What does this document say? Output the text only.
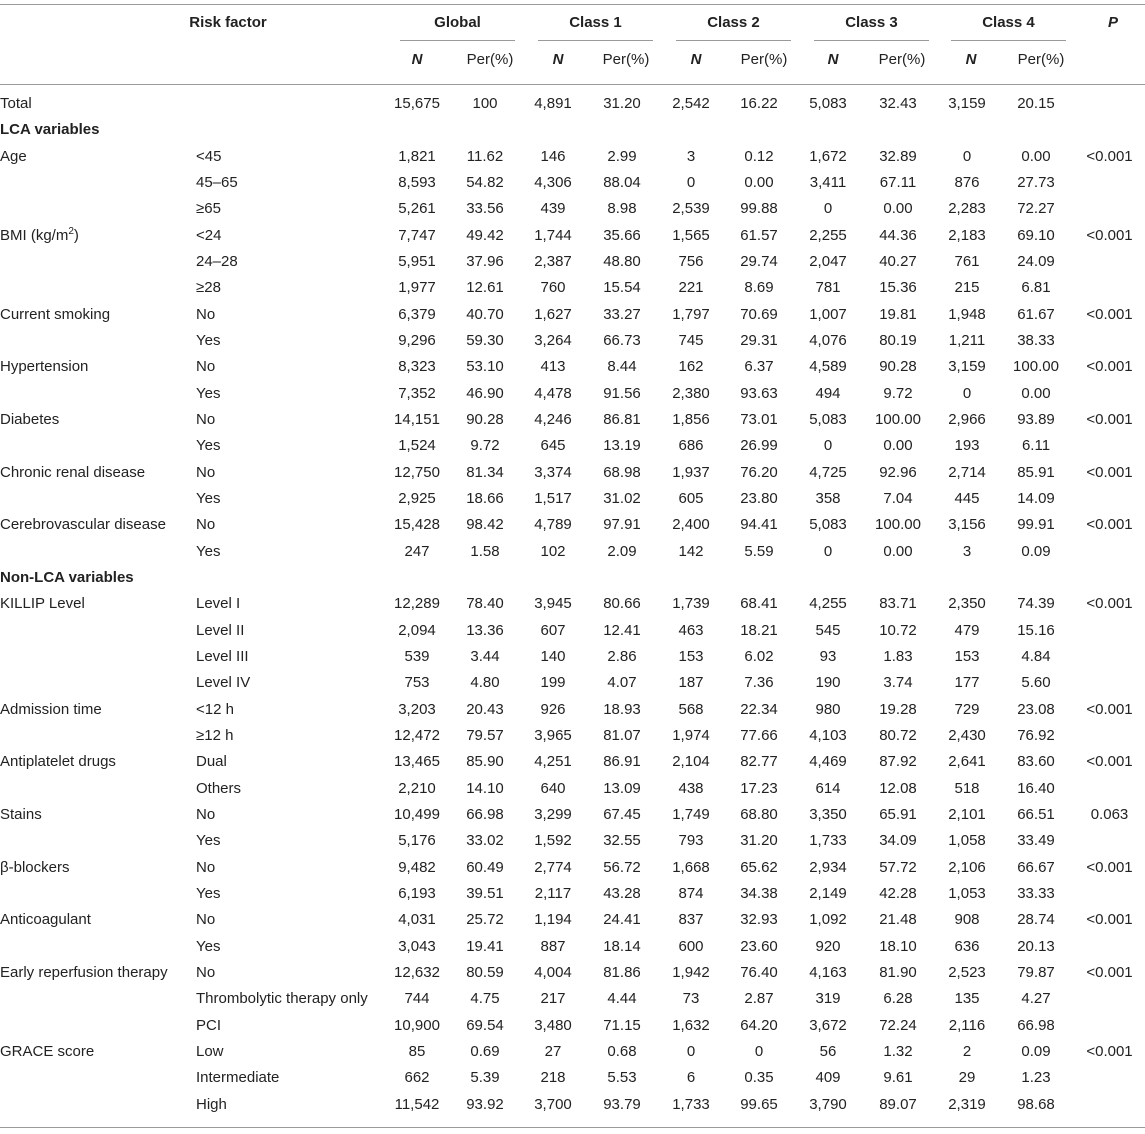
Risk factor	Global	Class 1	Class 2	Class 3	Class 4	P
N	Per(%)	N	Per(%)	N	Per(%)	N	Per(%)	N	Per(%)
Total		15,675	100	4,891	31.20	2,542	16.22	5,083	32.43	3,159	20.15	
LCA variables												
Age	<45	1,821	11.62	146	2.99	3	0.12	1,672	32.89	0	0.00	<0.001
	45–65	8,593	54.82	4,306	88.04	0	0.00	3,411	67.11	876	27.73	
	≥65	5,261	33.56	439	8.98	2,539	99.88	0	0.00	2,283	72.27	
BMI $(kg/m^2)$	<24	7,747	49.42	1,744	35.66	1,565	61.57	2,255	44.36	2,183	69.10	<0.001
	24–28	5,951	37.96	2,387	48.80	756	29.74	2,047	40.27	761	24.09	
	≥28	1,977	12.61	760	15.54	221	8.69	781	15.36	215	6.81	
Current smoking	No	6,379	40.70	1,627	33.27	1,797	70.69	1,007	19.81	1,948	61.67	<0.001
	Yes	9,296	59.30	3,264	66.73	745	29.31	4,076	80.19	1,211	38.33	
Hypertension	No	8,323	53.10	413	8.44	162	6.37	4,589	90.28	3,159	100.00	<0.001
	Yes	7,352	46.90	4,478	91.56	2,380	93.63	494	9.72	0	0.00	
Diabetes	No	14,151	90.28	4,246	86.81	1,856	73.01	5,083	100.00	2,966	93.89	<0.001
	Yes	1,524	9.72	645	13.19	686	26.99	0	0.00	193	6.11	
Chronic renal disease	No	12,750	81.34	3,374	68.98	1,937	76.20	4,725	92.96	2,714	85.91	<0.001
	Yes	2,925	18.66	1,517	31.02	605	23.80	358	7.04	445	14.09	
Cerebrovascular disease	No	15,428	98.42	4,789	97.91	2,400	94.41	5,083	100.00	3,156	99.91	<0.001
	Yes	247	1.58	102	2.09	142	5.59	0	0.00	3	0.09	
Non-LCA variables												
KILLIP Level	Level I	12,289	78.40	3,945	80.66	1,739	68.41	4,255	83.71	2,350	74.39	<0.001
	Level II	2,094	13.36	607	12.41	463	18.21	545	10.72	479	15.16	
	Level III	539	3.44	140	2.86	153	6.02	93	1.83	153	4.84	
	Level IV	753	4.80	199	4.07	187	7.36	190	3.74	177	5.60	
Admission time	<12 h	3,203	20.43	926	18.93	568	22.34	980	19.28	729	23.08	<0.001
	≥12 h	12,472	79.57	3,965	81.07	1,974	77.66	4,103	80.72	2,430	76.92	
Antiplatelet drugs	Dual	13,465	85.90	4,251	86.91	2,104	82.77	4,469	87.92	2,641	83.60	<0.001
	Others	2,210	14.10	640	13.09	438	17.23	614	12.08	518	16.40	
Stains	No	10,499	66.98	3,299	67.45	1,749	68.80	3,350	65.91	2,101	66.51	0.063
	Yes	5,176	33.02	1,592	32.55	793	31.20	1,733	34.09	1,058	33.49	
β-blockers	No	9,482	60.49	2,774	56.72	1,668	65.62	2,934	57.72	2,106	66.67	<0.001
	Yes	6,193	39.51	2,117	43.28	874	34.38	2,149	42.28	1,053	33.33	
Anticoagulant	No	4,031	25.72	1,194	24.41	837	32.93	1,092	21.48	908	28.74	<0.001
	Yes	3,043	19.41	887	18.14	600	23.60	920	18.10	636	20.13	
Early reperfusion therapy	No	12,632	80.59	4,004	81.86	1,942	76.40	4,163	81.90	2,523	79.87	<0.001
	Thrombolytic therapy only	744	4.75	217	4.44	73	2.87	319	6.28	135	4.27	
	PCI	10,900	69.54	3,480	71.15	1,632	64.20	3,672	72.24	2,116	66.98	
GRACE score	Low	85	0.69	27	0.68	0	0	56	1.32	2	0.09	<0.001
	Intermediate	662	5.39	218	5.53	6	0.35	409	9.61	29	1.23	
	High	11,542	93.92	3,700	93.79	1,733	99.65	3,790	89.07	2,319	98.68	
